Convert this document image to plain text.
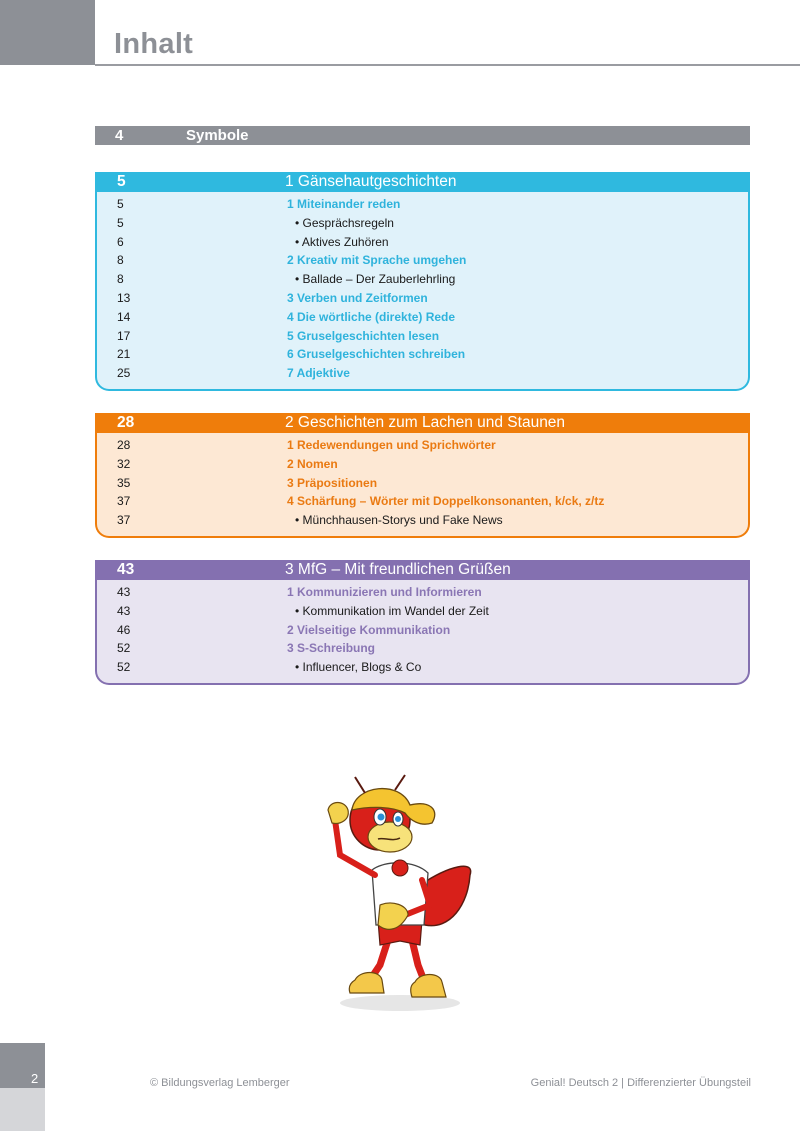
Inhalt
4	Symbole
5	1 Gänsehautgeschichten
5	1 Miteinander reden
5	• Gesprächsregeln
6	• Aktives Zuhören
8	2 Kreativ mit Sprache umgehen
8	• Ballade – Der Zauberlehrling
13	3 Verben und Zeitformen
14	4 Die wörtliche (direkte) Rede
17	5 Gruselgeschichten lesen
21	6 Gruselgeschichten schreiben
25	7 Adjektive
28	2 Geschichten zum Lachen und Staunen
28	1 Redewendungen und Sprichwörter
32	2 Nomen
35	3 Präpositionen
37	4 Schärfung – Wörter mit Doppelkonsonanten, k/ck, z/tz
37	• Münchhausen-Storys und Fake News
43	3 MfG – Mit freundlichen Grüßen
43	1 Kommunizieren und Informieren
43	• Kommunikation im Wandel der Zeit
46	2 Vielseitige Kommunikation
52	3 S-Schreibung
52	• Influencer, Blogs & Co
2	© Bildungsverlag Lemberger	Genial! Deutsch 2 | Differenzierter Übungsteil
